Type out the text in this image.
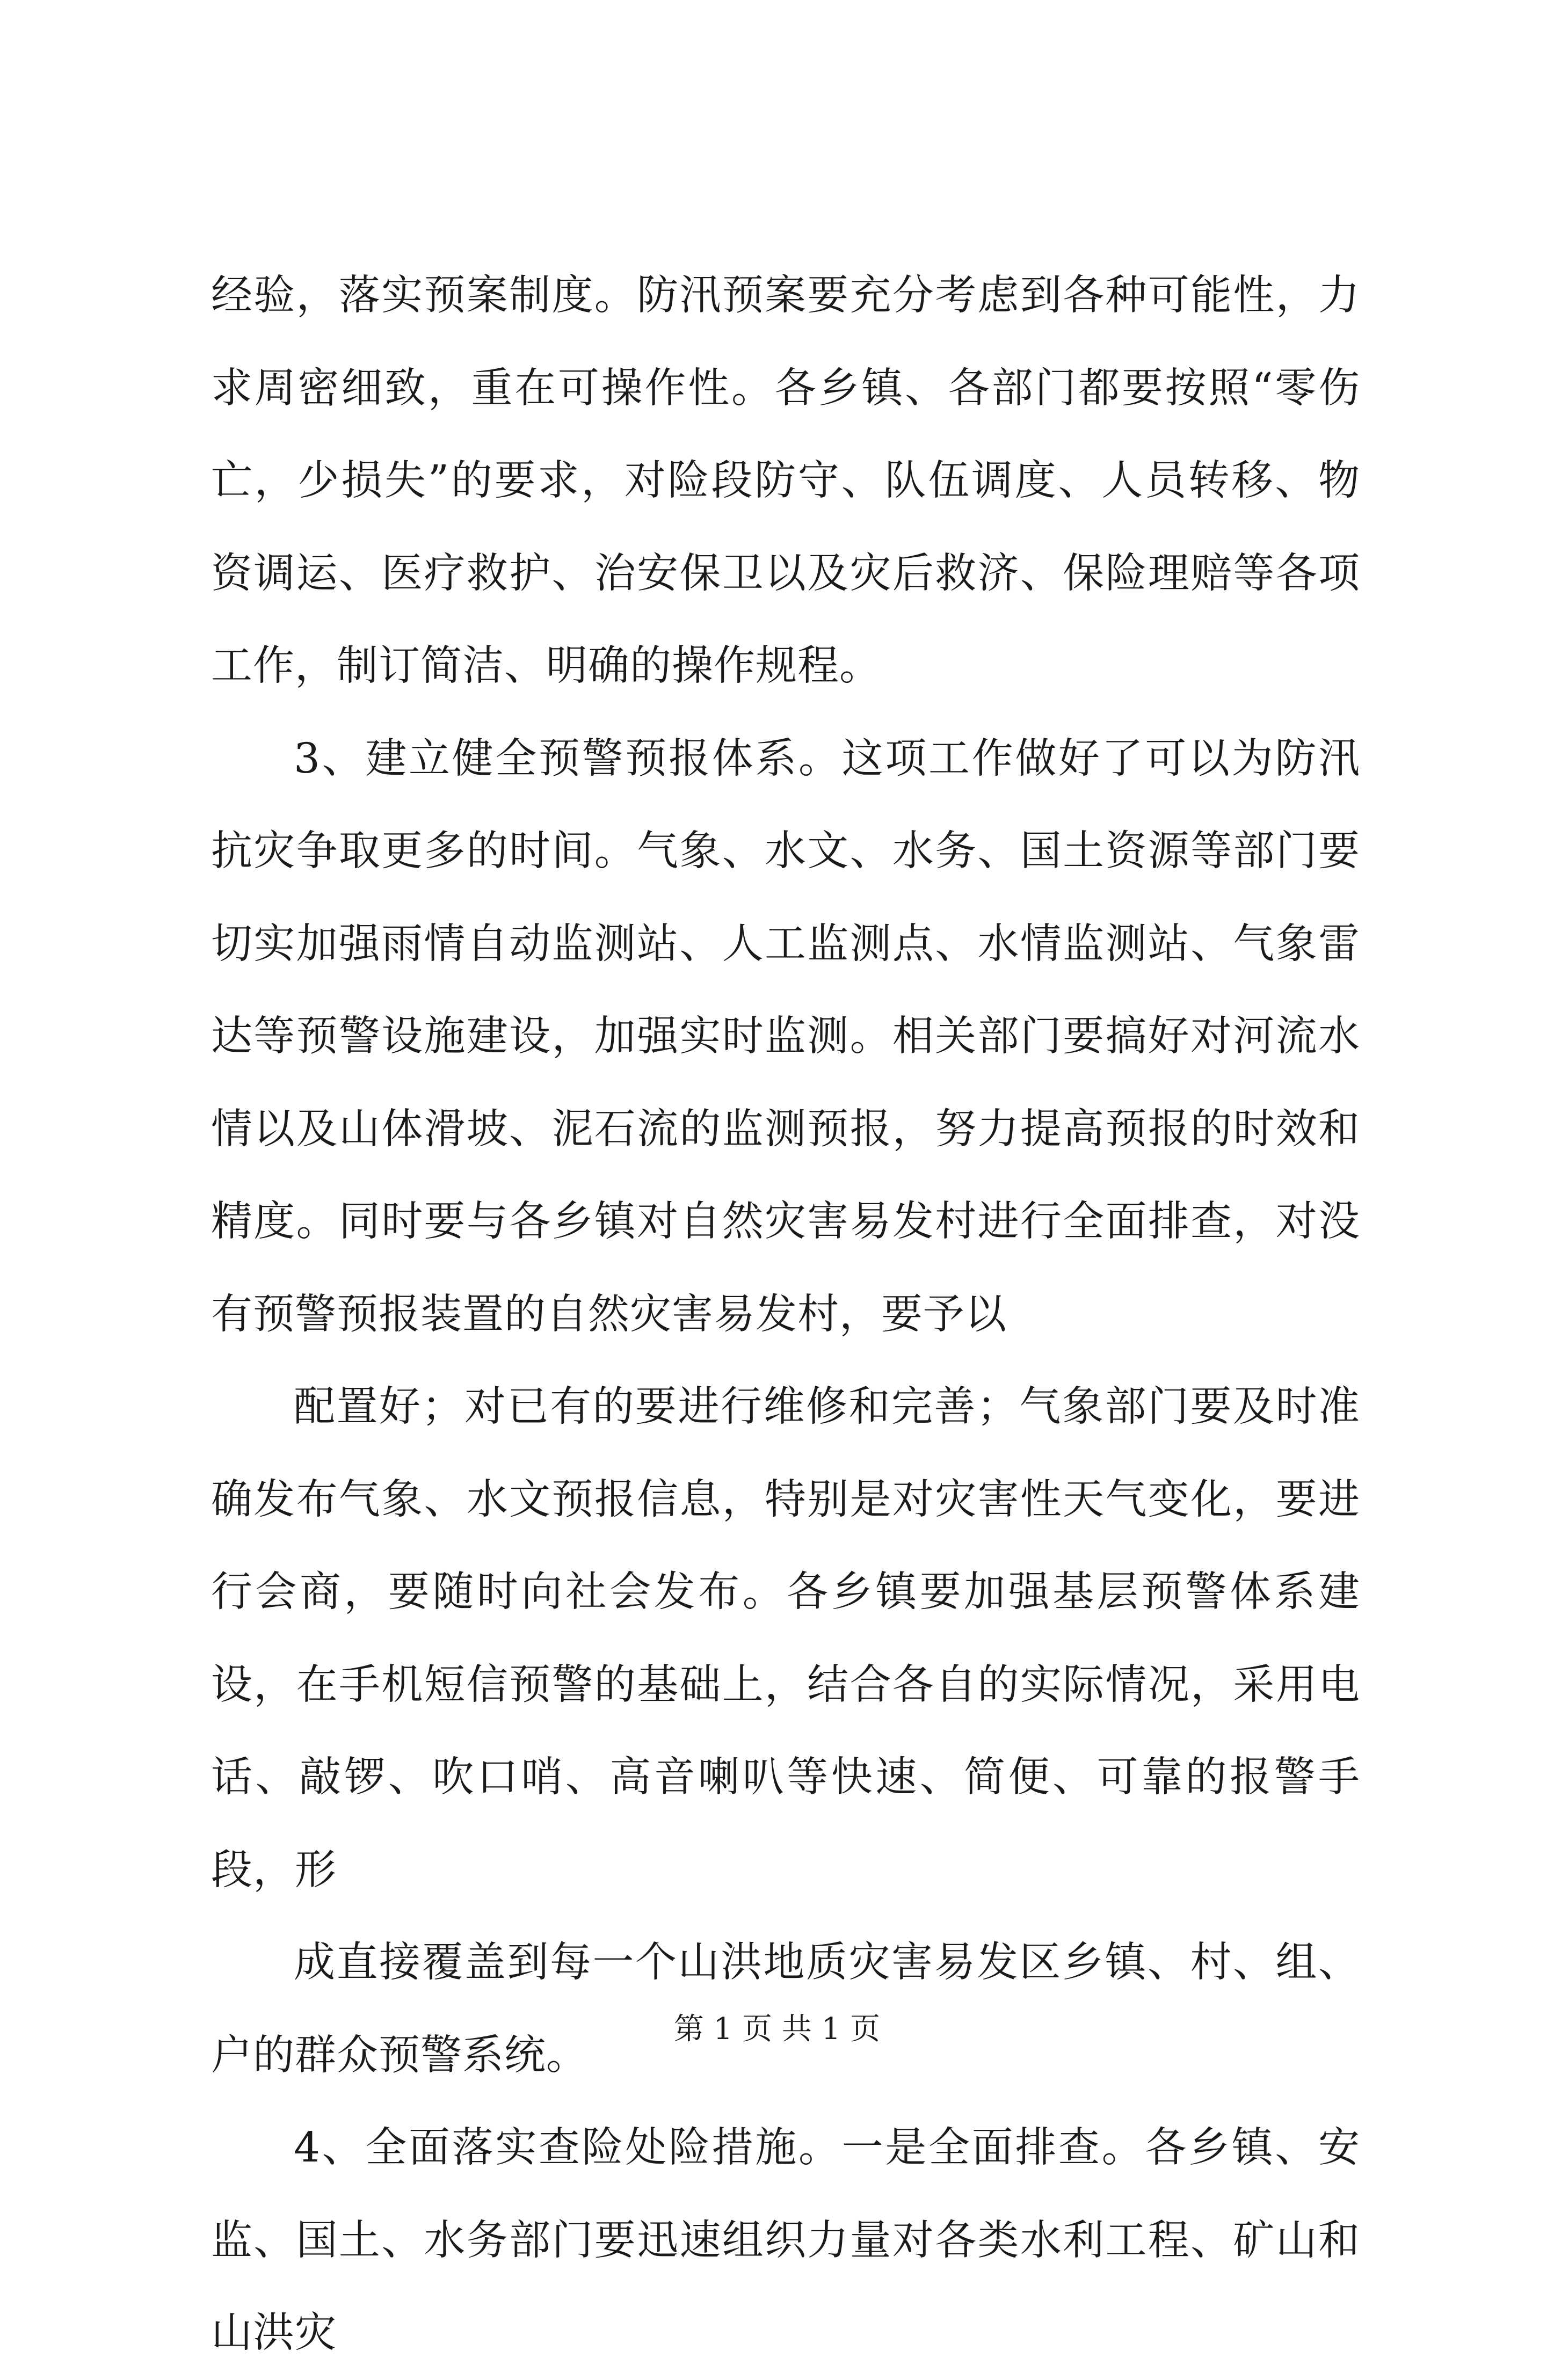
经验，落实预案制度。防汛预案要充分考虑到各种可能性，力求周密细致，重在可操作性。各乡镇、各部门都要按照“零伤亡，少损失”的要求，对险段防守、队伍调度、人员转移、物资调运、医疗救护、治安保卫以及灾后救济、保险理赔等各项工作，制订简洁、明确的操作规程。

3、建立健全预警预报体系。这项工作做好了可以为防汛抗灾争取更多的时间。气象、水文、水务、国土资源等部门要切实加强雨情自动监测站、人工监测点、水情监测站、气象雷达等预警设施建设，加强实时监测。相关部门要搞好对河流水情以及山体滑坡、泥石流的监测预报，努力提高预报的时效和精度。同时要与各乡镇对自然灾害易发村进行全面排查，对没有预警预报装置的自然灾害易发村，要予以

配置好；对已有的要进行维修和完善；气象部门要及时准确发布气象、水文预报信息，特别是对灾害性天气变化，要进行会商，要随时向社会发布。各乡镇要加强基层预警体系建设，在手机短信预警的基础上，结合各自的实际情况，采用电话、敲锣、吹口哨、高音喇叭等快速、简便、可靠的报警手段，形

成直接覆盖到每一个山洪地质灾害易发区乡镇、村、组、户的群众预警系统。

4、全面落实查险处险措施。一是全面排查。各乡镇、安监、国土、水务部门要迅速组织力量对各类水利工程、矿山和山洪灾

第 1 页 共 1 页
